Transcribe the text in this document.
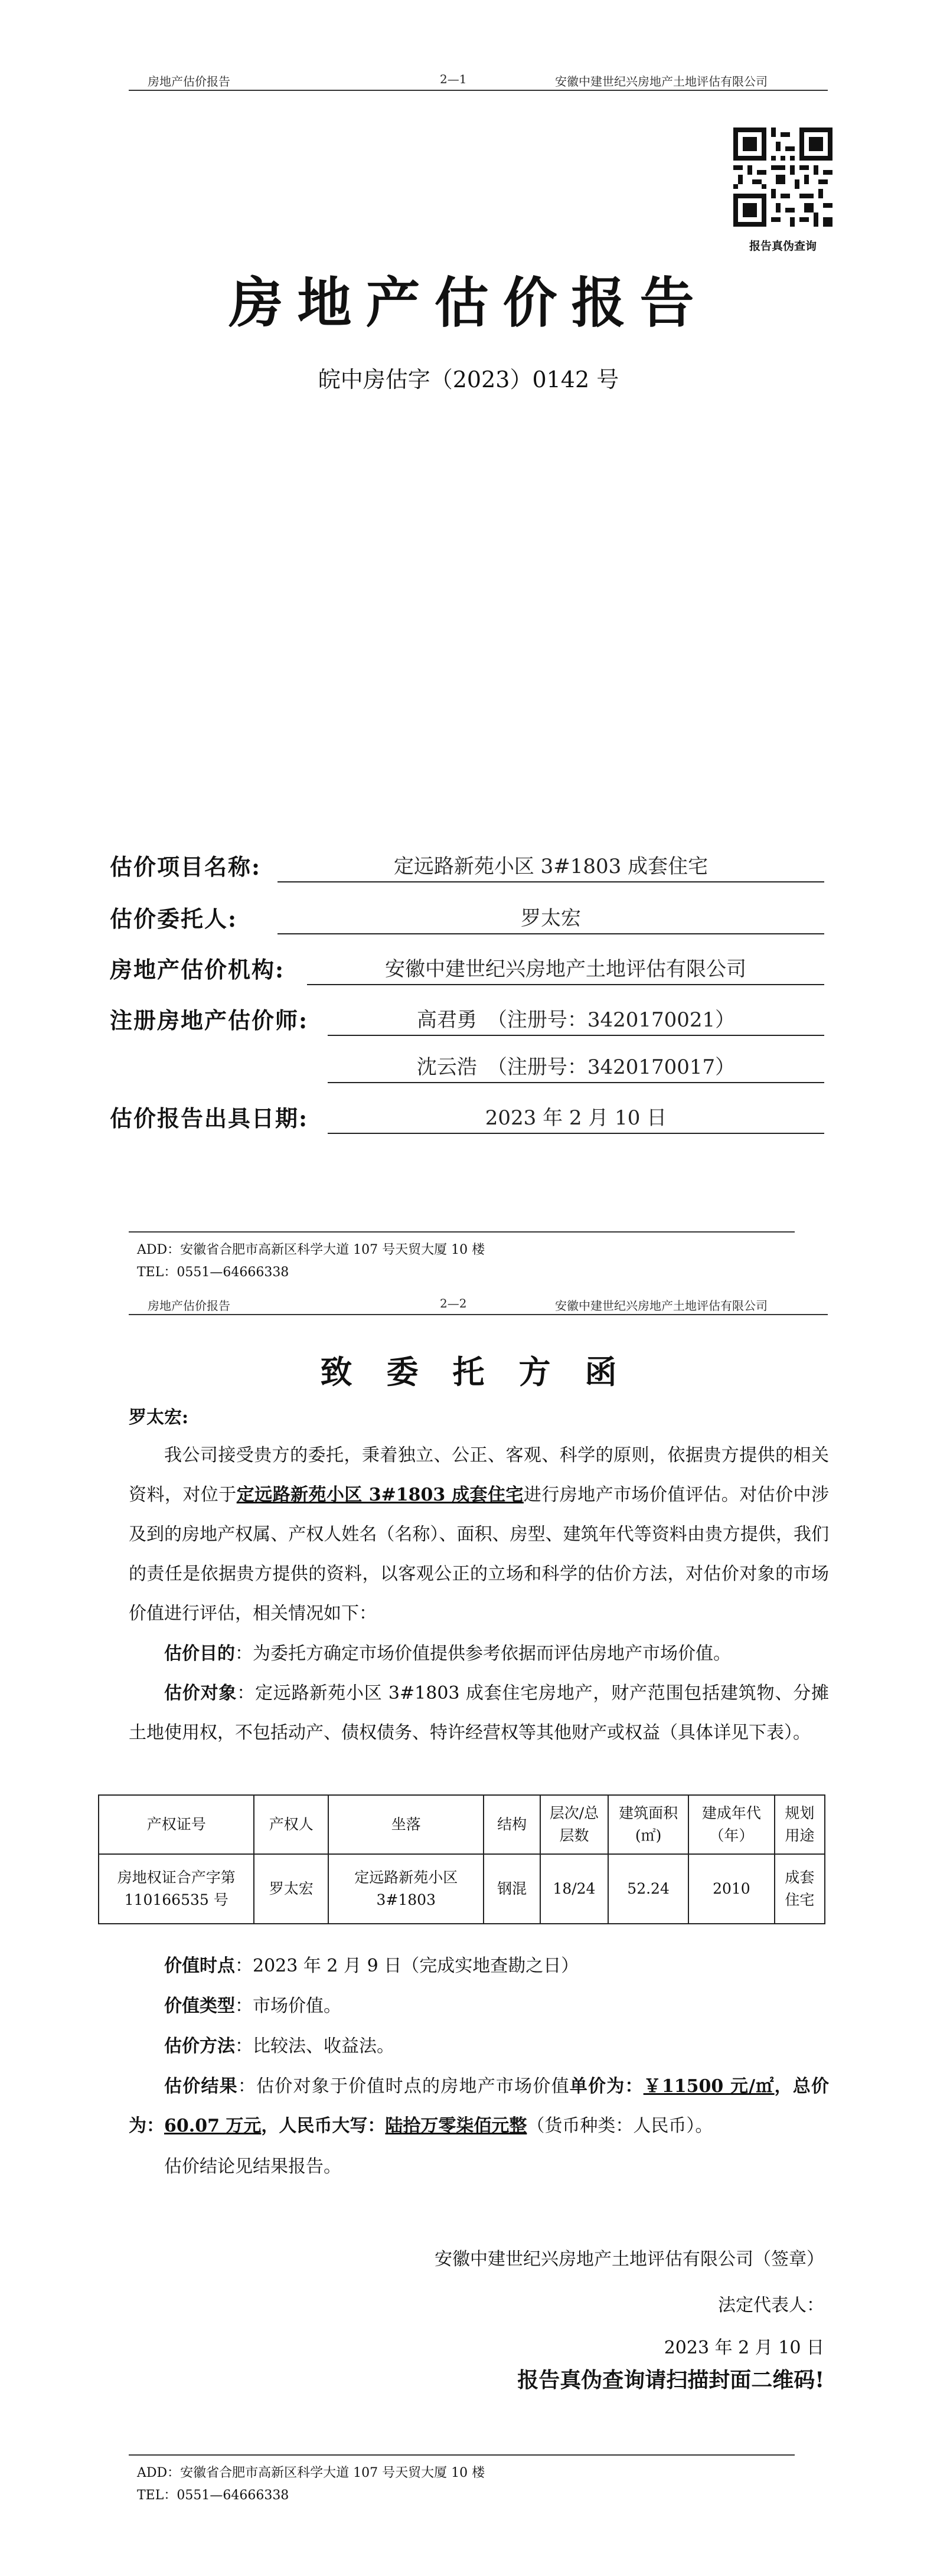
房地产估价报告	2—1	安徽中建世纪兴房地产土地评估有限公司
报告真伪查询
房地产估价报告
皖中房估字（2023）0142 号
估价项目名称:	定远路新苑小区 3#1803 成套住宅
估价委托人:	罗太宏
房地产估价机构:	安徽中建世纪兴房地产土地评估有限公司
注册房地产估价师:	高君勇　（注册号：3420170021）
沈云浩　（注册号：3420170017）
估价报告出具日期:	2023 年 2 月 10 日
ADD：安徽省合肥市高新区科学大道 107 号天贸大厦 10 楼
TEL：0551—64666338
房地产估价报告	2—2	安徽中建世纪兴房地产土地评估有限公司
致委托方函
罗太宏:
我公司接受贵方的委托，秉着独立、公正、客观、科学的原则，依据贵方提供的相关资料，对位于定远路新苑小区 3#1803 成套住宅进行房地产市场价值评估。对估价中涉及到的房地产权属、产权人姓名（名称）、面积、房型、建筑年代等资料由贵方提供，我们的责任是依据贵方提供的资料，以客观公正的立场和科学的估价方法，对估价对象的市场价值进行评估，相关情况如下：
估价目的：为委托方确定市场价值提供参考依据而评估房地产市场价值。
估价对象：定远路新苑小区 3#1803 成套住宅房地产，财产范围包括建筑物、分摊土地使用权，不包括动产、债权债务、特许经营权等其他财产或权益（具体详见下表）。
产权证号	产权人	坐落	结构	层次/总层数	建筑面积(㎡)	建成年代（年）	规划用途
房地权证合产字第110166535 号	罗太宏	定远路新苑小区 3#1803	钢混	18/24	52.24	2010	成套住宅
价值时点：2023 年 2 月 9 日（完成实地查勘之日）
价值类型：市场价值。
估价方法：比较法、收益法。
估价结果：估价对象于价值时点的房地产市场价值单价为：￥11500 元/㎡，总价为：60.07 万元，人民币大写：陆拾万零柒佰元整（货币种类：人民币）。
估价结论见结果报告。
安徽中建世纪兴房地产土地评估有限公司（签章）
法定代表人：
2023 年 2 月 10 日
报告真伪查询请扫描封面二维码!
ADD：安徽省合肥市高新区科学大道 107 号天贸大厦 10 楼
TEL：0551—64666338
